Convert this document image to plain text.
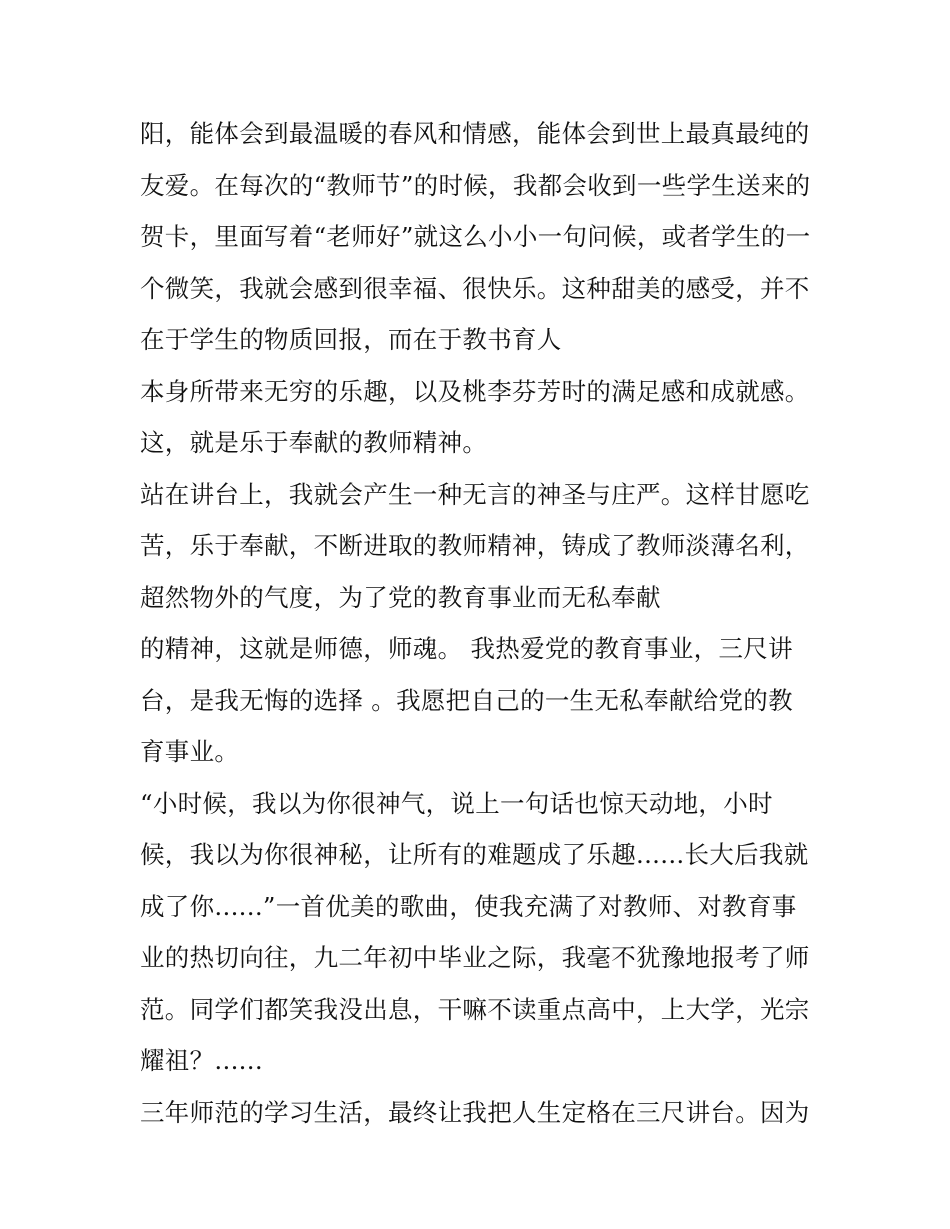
阳，能体会到最温暖的春风和情感，能体会到世上最真最纯的
友爱。在每次的“教师节”的时候，我都会收到一些学生送来的
贺卡，里面写着“老师好”就这么小小一句问候，或者学生的一
个微笑，我就会感到很幸福、很快乐。这种甜美的感受，并不
在于学生的物质回报，而在于教书育人
本身所带来无穷的乐趣，以及桃李芬芳时的满足感和成就感。
这，就是乐于奉献的教师精神。
站在讲台上，我就会产生一种无言的神圣与庄严。这样甘愿吃
苦，乐于奉献，不断进取的教师精神，铸成了教师淡薄名利，
超然物外的气度，为了党的教育事业而无私奉献
的精神，这就是师德，师魂。 我热爱党的教育事业，三尺讲
台，是我无悔的选择 。我愿把自己的一生无私奉献给党的教
育事业。
“小时候，我以为你很神气，说上一句话也惊天动地，小时
候，我以为你很神秘，让所有的难题成了乐趣......长大后我就
成了你......”一首优美的歌曲，使我充满了对教师、对教育事
业的热切向往，九二年初中毕业之际，我毫不犹豫地报考了师
范。同学们都笑我没出息，干嘛不读重点高中，上大学，光宗
耀祖？......
三年师范的学习生活，最终让我把人生定格在三尺讲台。因为
